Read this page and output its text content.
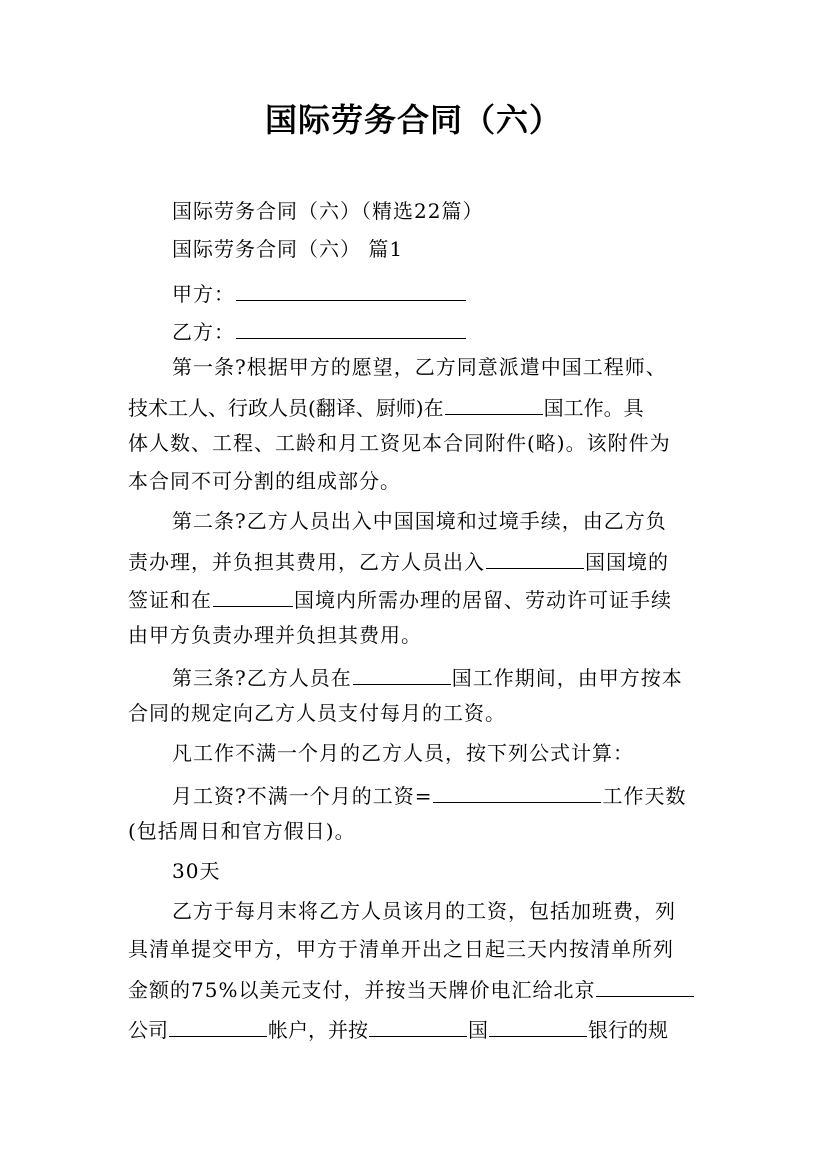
国际劳务合同（六）
国际劳务合同（六）（精选22篇）
国际劳务合同（六） 篇1
甲方：
乙方：
第一条?根据甲方的愿望，乙方同意派遣中国工程师、
技术工人、行政人员(翻译、厨师)在	国工作。具
体人数、工程、工龄和月工资见本合同附件(略)。该附件为
本合同不可分割的组成部分。
第二条?乙方人员出入中国国境和过境手续，由乙方负
责办理，并负担其费用，乙方人员出入	国国境的
签证和在	国境内所需办理的居留、劳动许可证手续
由甲方负责办理并负担其费用。
第三条?乙方人员在	国工作期间，由甲方按本
合同的规定向乙方人员支付每月的工资。
凡工作不满一个月的乙方人员，按下列公式计算：
月工资?不满一个月的工资=	工作天数
(包括周日和官方假日)。
30天
乙方于每月末将乙方人员该月的工资，包括加班费，列
具清单提交甲方，甲方于清单开出之日起三天内按清单所列
金额的75%以美元支付，并按当天牌价电汇给北京
公司	帐户，并按	国	银行的规
